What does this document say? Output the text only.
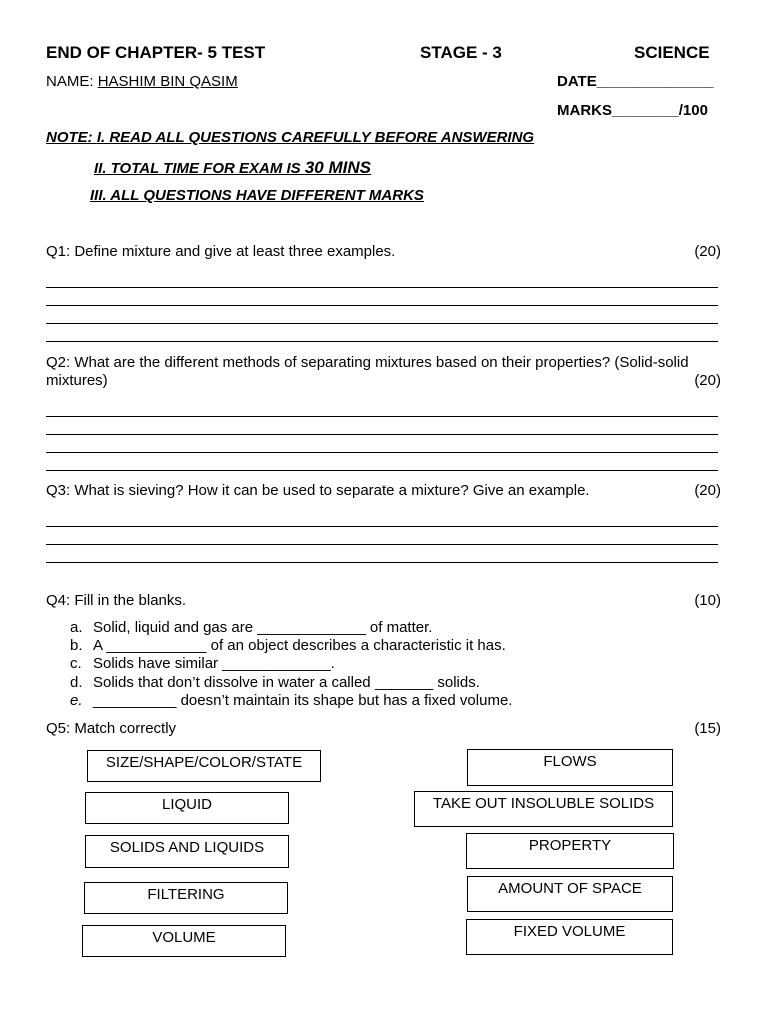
END OF CHAPTER- 5 TEST	STAGE - 3	SCIENCE
NAME: HASHIM BIN QASIM	DATE______________
MARKS________/100
NOTE: I. READ ALL QUESTIONS CAREFULLY BEFORE ANSWERING
II. TOTAL TIME FOR EXAM IS 30 MINS
III. ALL QUESTIONS HAVE DIFFERENT MARKS
Q1: Define mixture and give at least three examples.	(20)
Q2: What are the different methods of separating mixtures based on their properties? (Solid-solid
mixtures)	(20)
Q3: What is sieving? How it can be used to separate a mixture? Give an example.	(20)
Q4: Fill in the blanks.	(10)
a. Solid, liquid and gas are _____________ of matter.
b. A ____________ of an object describes a characteristic it has.
c. Solids have similar _____________.
d. Solids that don’t dissolve in water a called _______ solids.
e. __________ doesn’t maintain its shape but has a fixed volume.
Q5: Match correctly	(15)
SIZE/SHAPE/COLOR/STATE
LIQUID
SOLIDS AND LIQUIDS
FILTERING
VOLUME
FLOWS
TAKE OUT INSOLUBLE SOLIDS
PROPERTY
AMOUNT OF SPACE
FIXED VOLUME
